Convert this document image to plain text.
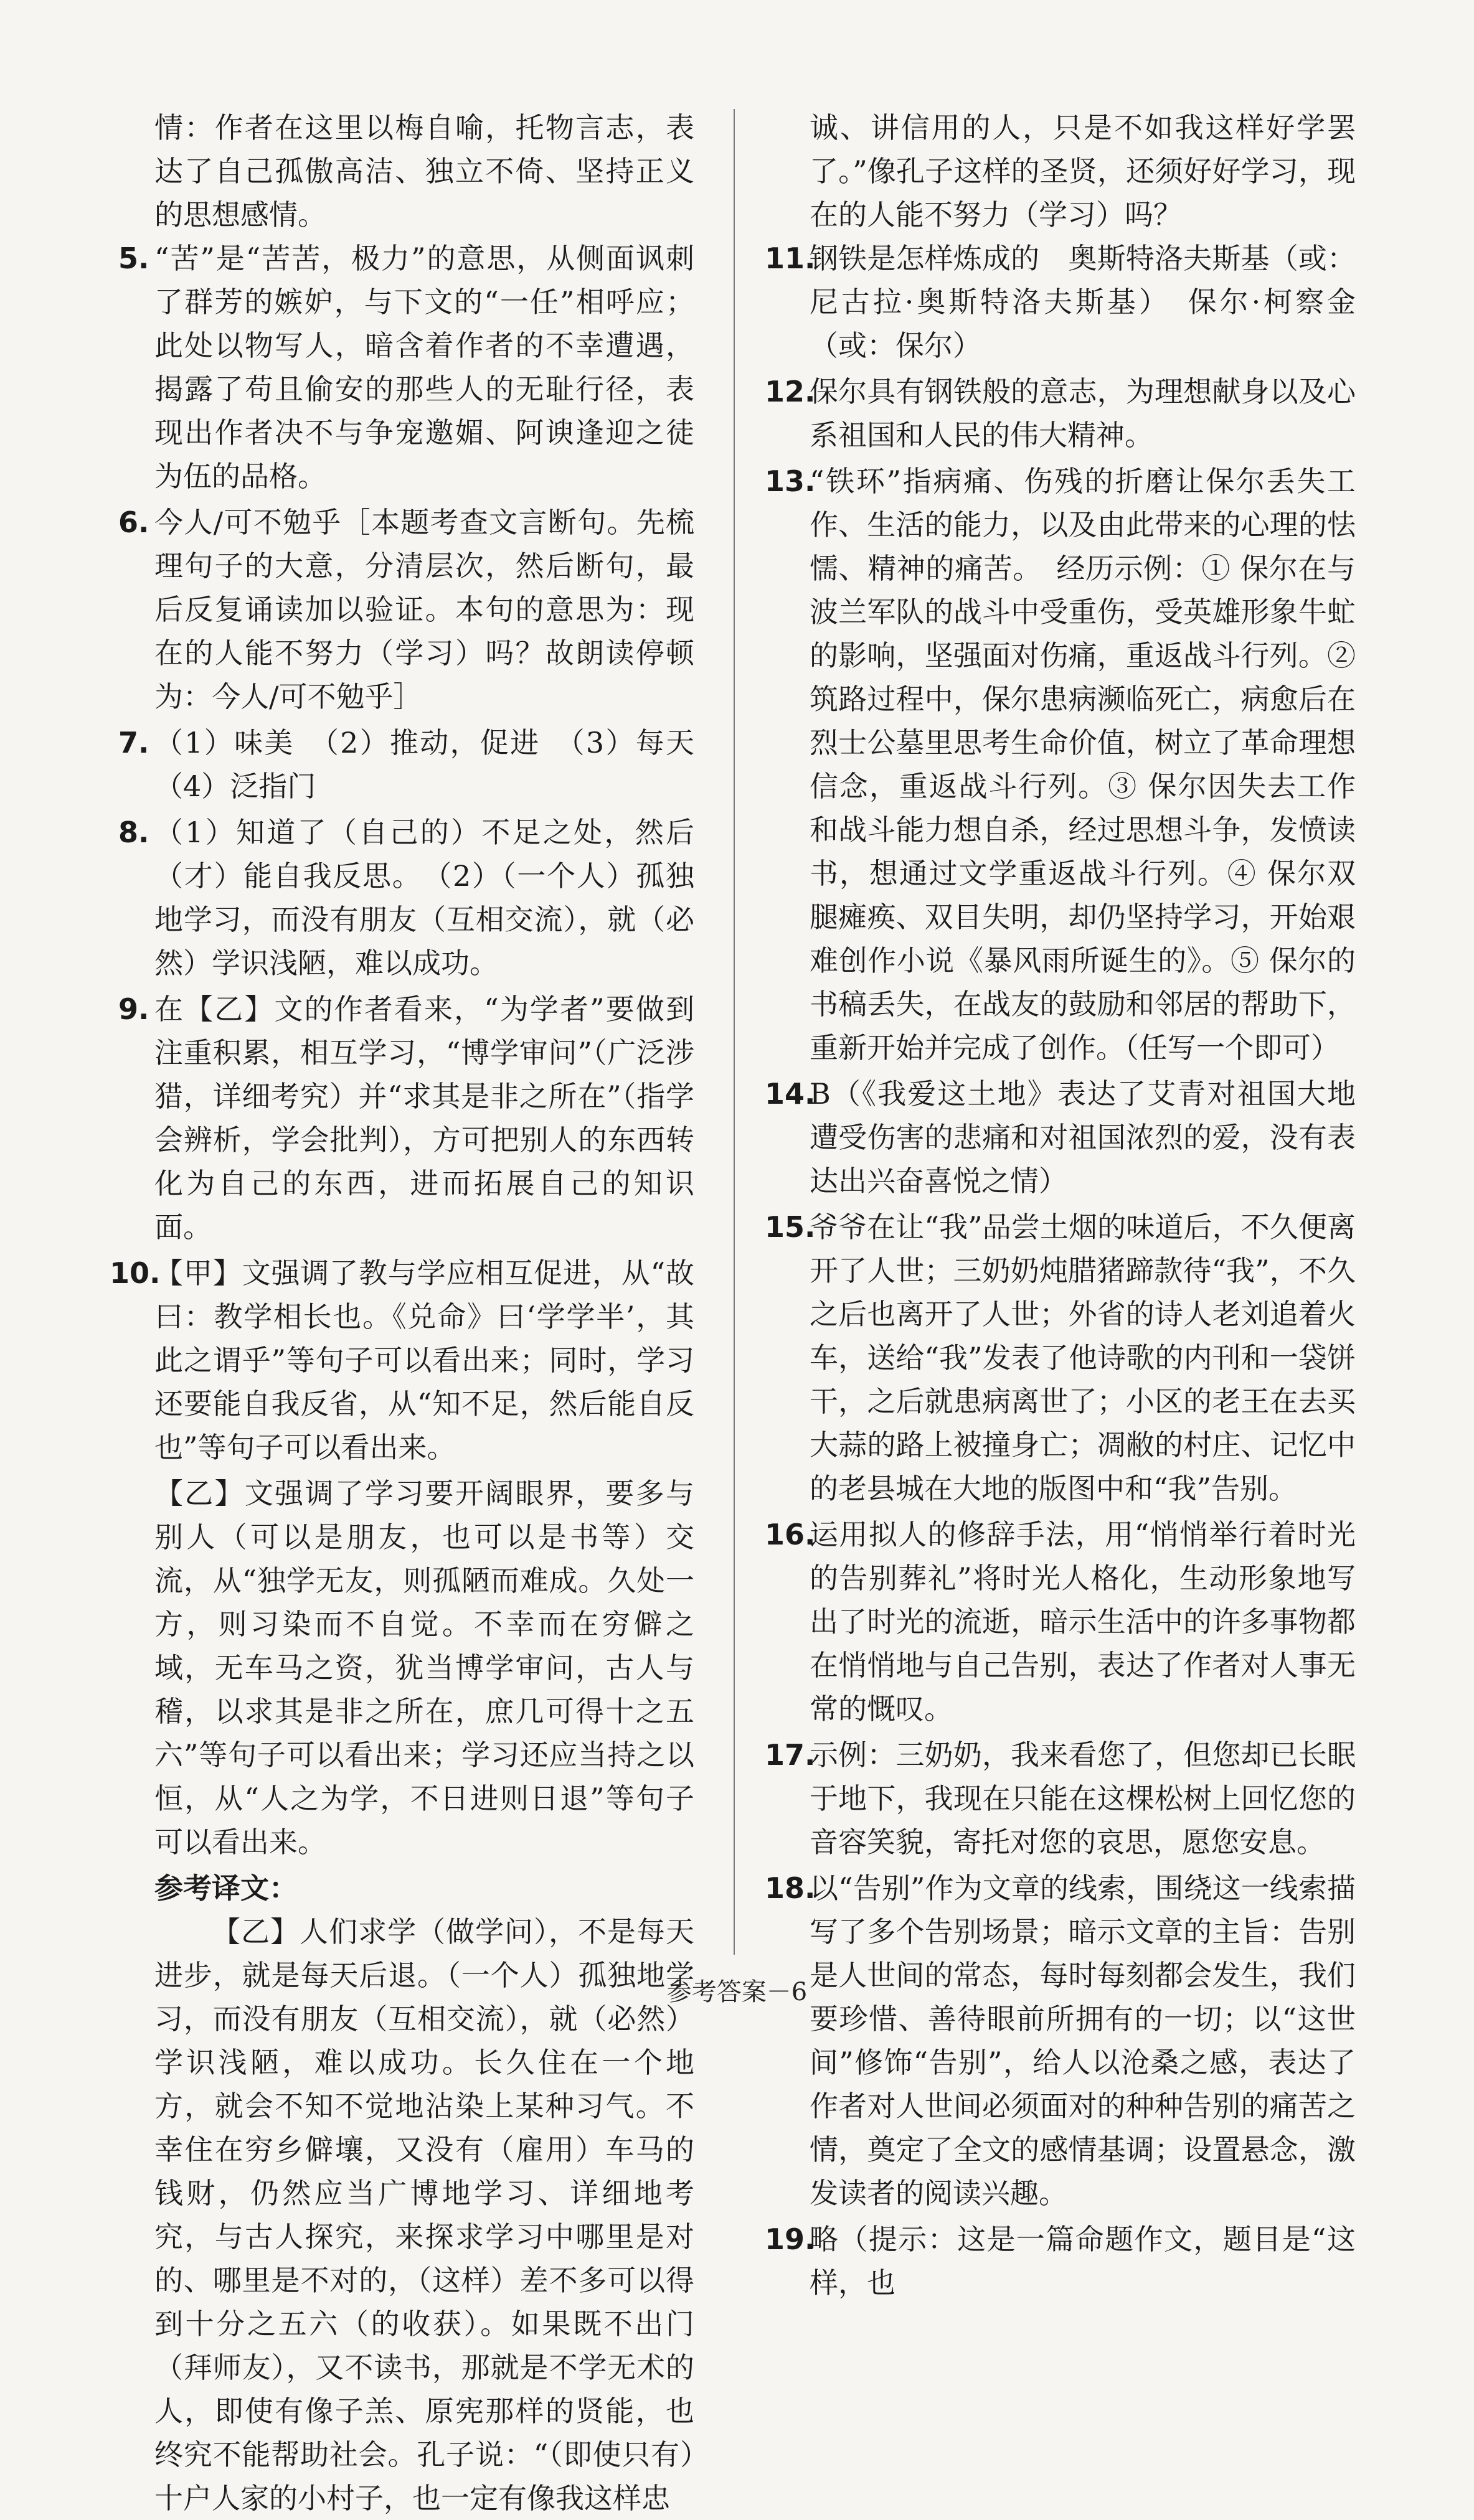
情：作者在这里以梅自喻，托物言志，表达了自己孤傲高洁、独立不倚、坚持正义的思想感情。
5. “苦”是“苦苦，极力”的意思，从侧面讽刺了群芳的嫉妒，与下文的“一任”相呼应；此处以物写人，暗含着作者的不幸遭遇，揭露了苟且偷安的那些人的无耻行径，表现出作者决不与争宠邀媚、阿谀逢迎之徒为伍的品格。
6. 今人/可不勉乎［本题考查文言断句。先梳理句子的大意，分清层次，然后断句，最后反复诵读加以验证。本句的意思为：现在的人能不努力（学习）吗？故朗读停顿为：今人/可不勉乎］
7. （1）味美　（2）推动，促进　（3）每天　（4）泛指门
8. （1）知道了（自己的）不足之处，然后（才）能自我反思。　（2）（一个人）孤独地学习，而没有朋友（互相交流），就（必然）学识浅陋，难以成功。
9. 在【乙】文的作者看来，“为学者”要做到注重积累，相互学习，“博学审问”（广泛涉猎，详细考究）并“求其是非之所在”（指学会辨析，学会批判），方可把别人的东西转化为自己的东西，进而拓展自己的知识面。
10.
【甲】文强调了教与学应相互促进，从“故曰：教学相长也。《兑命》曰‘学学半’，其此之谓乎”等句子可以看出来；同时，学习还要能自我反省，从“知不足，然后能自反也”等句子可以看出来。
【乙】文强调了学习要开阔眼界，要多与别人（可以是朋友，也可以是书等）交流，从“独学无友，则孤陋而难成。久处一方，则习染而不自觉。不幸而在穷僻之域，无车马之资，犹当博学审问，古人与稽，以求其是非之所在，庶几可得十之五六”等句子可以看出来；学习还应当持之以恒，从“人之为学，不日进则日退”等句子可以看出来。
参考译文：

【乙】人们求学（做学问），不是每天进步，就是每天后退。（一个人）孤独地学习，而没有朋友（互相交流），就（必然）学识浅陋，难以成功。长久住在一个地方，就会不知不觉地沾染上某种习气。不幸住在穷乡僻壤，又没有（雇用）车马的钱财，仍然应当广博地学习、详细地考究，与古人探究，来探求学习中哪里是对的、哪里是不对的，（这样）差不多可以得到十分之五六（的收获）。如果既不出门（拜师友），又不读书，那就是不学无术的人，即使有像子羔、原宪那样的贤能，也终究不能帮助社会。孔子说：“（即使只有）十户人家的小村子，也一定有像我这样忠

诚、讲信用的人，只是不如我这样好学罢了。”像孔子这样的圣贤，还须好好学习，现在的人能不努力（学习）吗？
11.
钢铁是怎样炼成的　奥斯特洛夫斯基（或：尼古拉·奥斯特洛夫斯基）　保尔·柯察金（或：保尔）
12.
保尔具有钢铁般的意志，为理想献身以及心系祖国和人民的伟大精神。
13.
“铁环”指病痛、伤残的折磨让保尔丢失工作、生活的能力，以及由此带来的心理的怯懦、精神的痛苦。　经历示例：① 保尔在与波兰军队的战斗中受重伤，受英雄形象牛虻的影响，坚强面对伤痛，重返战斗行列。② 筑路过程中，保尔患病濒临死亡，病愈后在烈士公墓里思考生命价值，树立了革命理想信念，重返战斗行列。③ 保尔因失去工作和战斗能力想自杀，经过思想斗争，发愤读书，想通过文学重返战斗行列。④ 保尔双腿瘫痪、双目失明，却仍坚持学习，开始艰难创作小说《暴风雨所诞生的》。⑤ 保尔的书稿丢失，在战友的鼓励和邻居的帮助下，重新开始并完成了创作。（任写一个即可）
14.
B（《我爱这土地》表达了艾青对祖国大地遭受伤害的悲痛和对祖国浓烈的爱，没有表达出兴奋喜悦之情）
15.
爷爷在让“我”品尝土烟的味道后，不久便离开了人世；三奶奶炖腊猪蹄款待“我”，不久之后也离开了人世；外省的诗人老刘追着火车，送给“我”发表了他诗歌的内刊和一袋饼干，之后就患病离世了；小区的老王在去买大蒜的路上被撞身亡；凋敝的村庄、记忆中的老县城在大地的版图中和“我”告别。
16.
运用拟人的修辞手法，用“悄悄举行着时光的告别葬礼”将时光人格化，生动形象地写出了时光的流逝，暗示生活中的许多事物都在悄悄地与自己告别，表达了作者对人事无常的慨叹。
17.
示例：三奶奶，我来看您了，但您却已长眠于地下，我现在只能在这棵松树上回忆您的音容笑貌，寄托对您的哀思，愿您安息。
18.
以“告别”作为文章的线索，围绕这一线索描写了多个告别场景；暗示文章的主旨：告别是人世间的常态，每时每刻都会发生，我们要珍惜、善待眼前所拥有的一切；以“这世间”修饰“告别”，给人以沧桑之感，表达了作者对人世间必须面对的种种告别的痛苦之情，奠定了全文的感情基调；设置悬念，激发读者的阅读兴趣。
19.
略（提示：这是一篇命题作文，题目是“这样，也
参考答案－6
